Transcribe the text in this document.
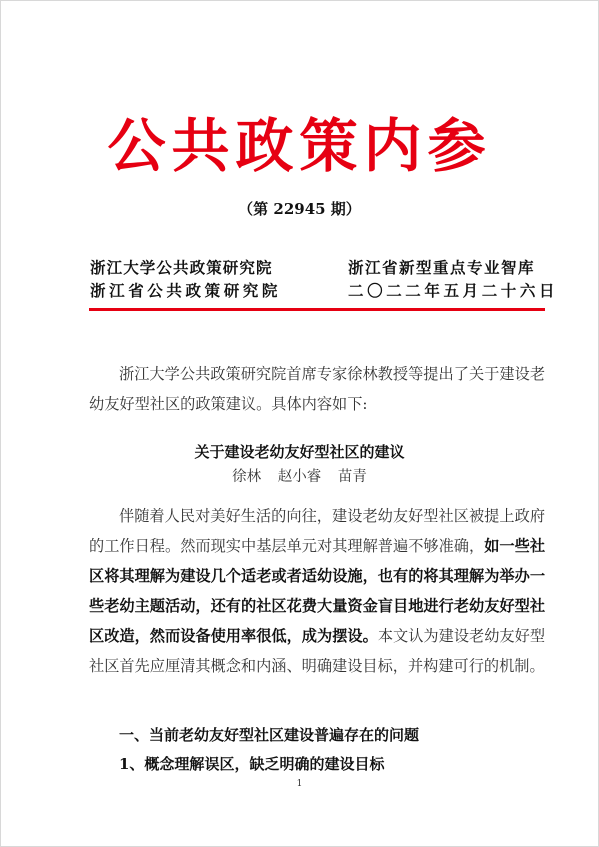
公共政策内参
（第 22945 期）
浙江大学公共政策研究院
浙江省公共政策研究院
浙江省新型重点专业智库
二〇二二年五月二十六日
浙江大学公共政策研究院首席专家徐林教授等提出了关于建设老幼友好型社区的政策建议。具体内容如下:
关于建设老幼友好型社区的建议
徐林 赵小睿 苗青
伴随着人民对美好生活的向往，建设老幼友好型社区被提上政府的工作日程。然而现实中基层单元对其理解普遍不够准确，如一些社区将其理解为建设几个适老或者适幼设施，也有的将其理解为举办一些老幼主题活动，还有的社区花费大量资金盲目地进行老幼友好型社区改造，然而设备使用率很低，成为摆设。本文认为建设老幼友好型社区首先应厘清其概念和内涵、明确建设目标，并构建可行的机制。
一、当前老幼友好型社区建设普遍存在的问题
1、概念理解误区，缺乏明确的建设目标
1
